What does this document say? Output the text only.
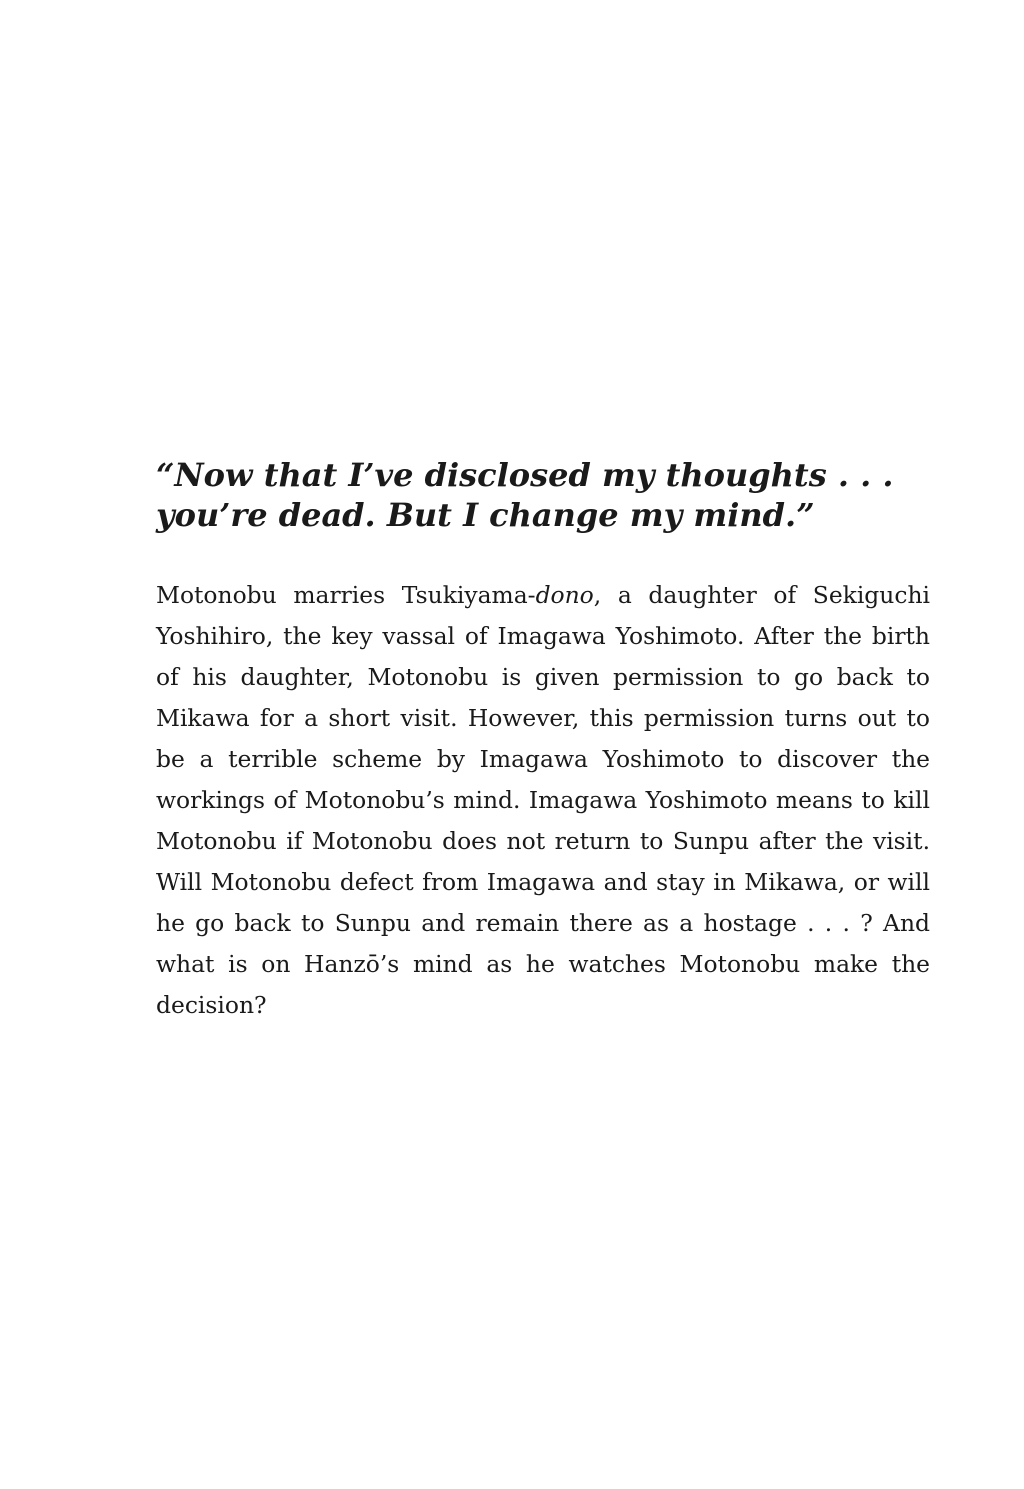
“Now that I’ve disclosed my thoughts . . .
you’re dead. But I change my mind.”

Motonobu marries Tsukiyama-dono, a daughter of Sekiguchi Yoshihiro, the key vassal of Imagawa Yoshimoto. After the birth of his daughter, Motonobu is given permission to go back to Mikawa for a short visit. However, this permission turns out to be a terrible scheme by Imagawa Yoshimoto to discover the workings of Motonobu’s mind. Imagawa Yoshimoto means to kill Motonobu if Motonobu does not return to Sunpu after the visit. Will Motonobu defect from Imagawa and stay in Mikawa, or will he go back to Sunpu and remain there as a hostage . . . ? And what is on Hanzō’s mind as he watches Motonobu make the decision?
